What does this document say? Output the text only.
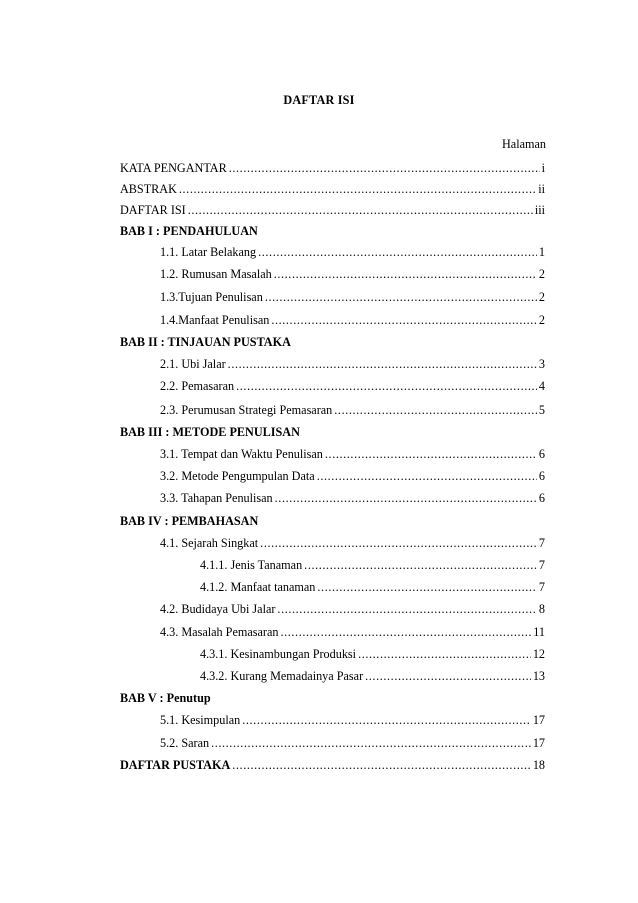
DAFTAR ISI
Halaman
KATA PENGANTAR .....	i
ABSTRAK .....	ii
DAFTAR ISI .....	iii
BAB I : PENDAHULUAN
1.1. Latar Belakang .....	1
1.2. Rumusan Masalah .....	2
1.3.Tujuan Penulisan .....	2
1.4.Manfaat Penulisan .....	2
BAB II : TINJAUAN PUSTAKA
2.1. Ubi Jalar .....	3
2.2. Pemasaran .....	4
2.3. Perumusan Strategi Pemasaran .....	5
BAB III : METODE PENULISAN
3.1. Tempat dan Waktu Penulisan .....	6
3.2. Metode Pengumpulan Data .....	6
3.3. Tahapan Penulisan .....	6
BAB IV : PEMBAHASAN
4.1. Sejarah Singkat .....	7
4.1.1. Jenis Tanaman .....	7
4.1.2. Manfaat tanaman .....	7
4.2. Budidaya Ubi Jalar .....	8
4.3. Masalah Pemasaran .....	11
4.3.1. Kesinambungan Produksi .....	12
4.3.2. Kurang Memadainya Pasar .....	13
BAB V : Penutup
5.1. Kesimpulan .....	17
5.2. Saran .....	17
DAFTAR PUSTAKA .....	18
